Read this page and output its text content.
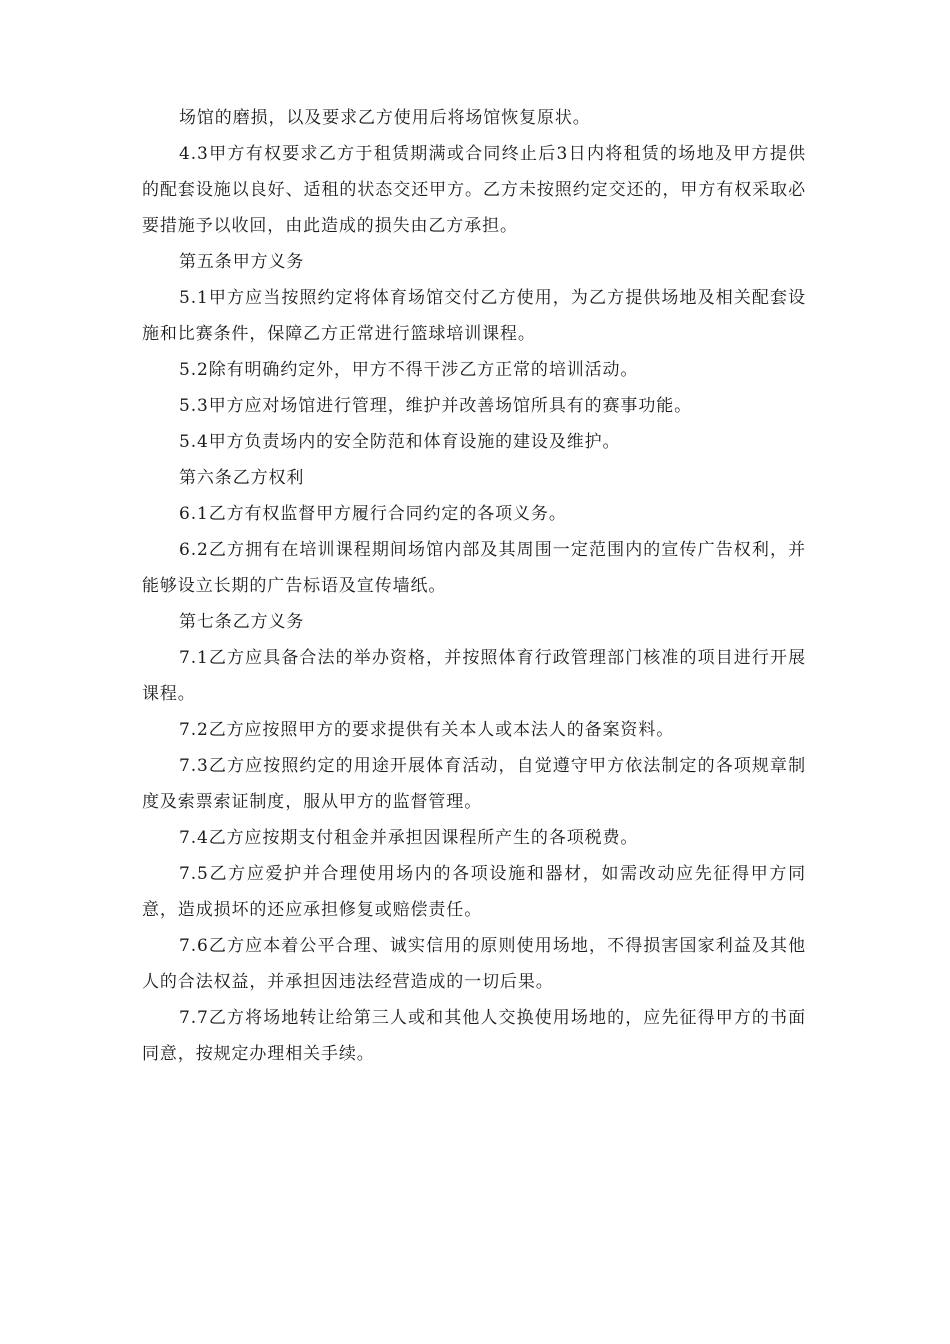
场馆的磨损，以及要求乙方使用后将场馆恢复原状。

4.3甲方有权要求乙方于租赁期满或合同终止后3日内将租赁的场地及甲方提供的配套设施以良好、适租的状态交还甲方。乙方未按照约定交还的，甲方有权采取必要措施予以收回，由此造成的损失由乙方承担。

第五条甲方义务

5.1甲方应当按照约定将体育场馆交付乙方使用，为乙方提供场地及相关配套设施和比赛条件，保障乙方正常进行篮球培训课程。

5.2除有明确约定外，甲方不得干涉乙方正常的培训活动。

5.3甲方应对场馆进行管理，维护并改善场馆所具有的赛事功能。

5.4甲方负责场内的安全防范和体育设施的建设及维护。

第六条乙方权利

6.1乙方有权监督甲方履行合同约定的各项义务。

6.2乙方拥有在培训课程期间场馆内部及其周围一定范围内的宣传广告权利，并能够设立长期的广告标语及宣传墙纸。

第七条乙方义务

7.1乙方应具备合法的举办资格，并按照体育行政管理部门核准的项目进行开展课程。

7.2乙方应按照甲方的要求提供有关本人或本法人的备案资料。

7.3乙方应按照约定的用途开展体育活动，自觉遵守甲方依法制定的各项规章制度及索票索证制度，服从甲方的监督管理。

7.4乙方应按期支付租金并承担因课程所产生的各项税费。

7.5乙方应爱护并合理使用场内的各项设施和器材，如需改动应先征得甲方同意，造成损坏的还应承担修复或赔偿责任。

7.6乙方应本着公平合理、诚实信用的原则使用场地，不得损害国家利益及其他人的合法权益，并承担因违法经营造成的一切后果。

7.7乙方将场地转让给第三人或和其他人交换使用场地的，应先征得甲方的书面同意，按规定办理相关手续。
